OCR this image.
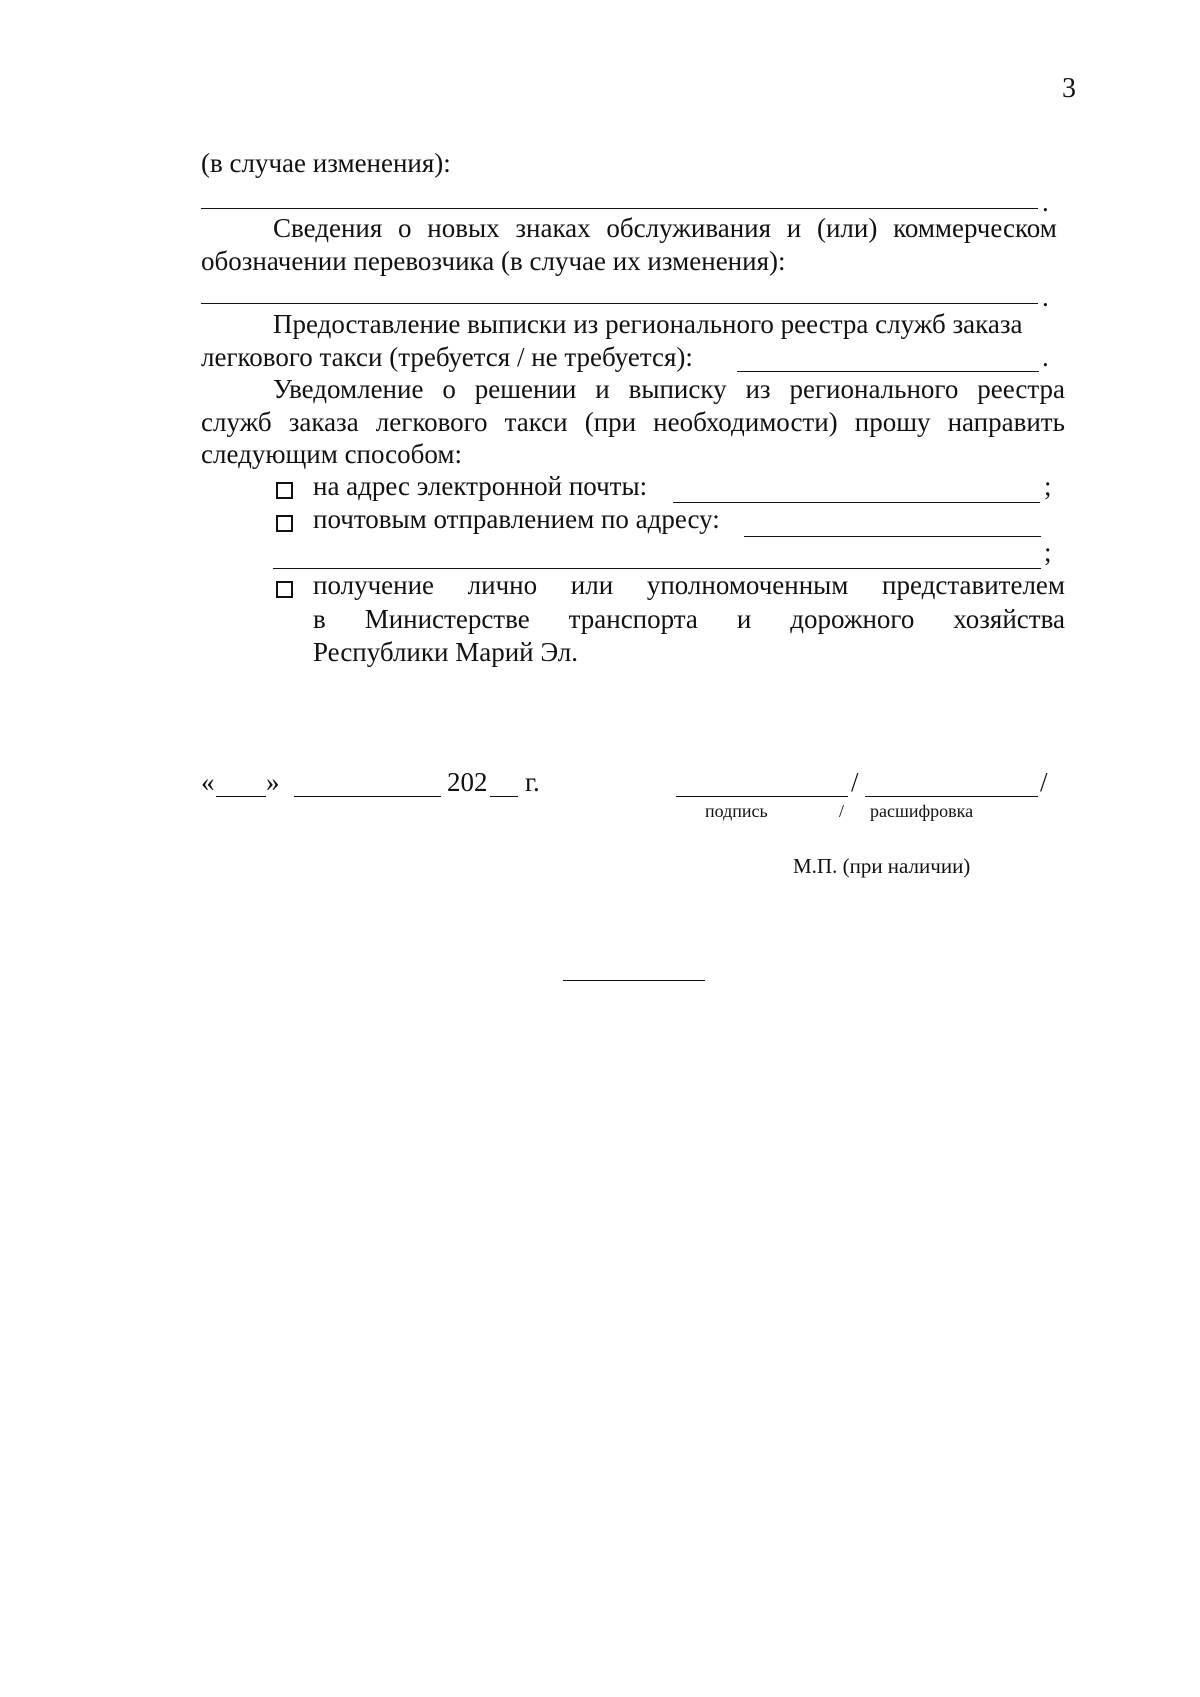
3
(в случае изменения):
.
Сведения о новых знаках обслуживания и (или) коммерческом
обозначении перевозчика (в случае их изменения):
.
Предоставление выписки из регионального реестра служб заказа
легкового такси (требуется / не требуется):	.
Уведомление о решении и выписку из регионального реестра
служб заказа легкового такси (при необходимости) прошу направить
следующим способом:
на адрес электронной почты:	;
почтовым отправлением по адресу:
;
получение лично или уполномоченным представителем
в Министерстве транспорта и дорожного хозяйства
Республики Марий Эл.
« »	202 г.	/	/
подпись	/ расшифровка
М.П. (при наличии)
